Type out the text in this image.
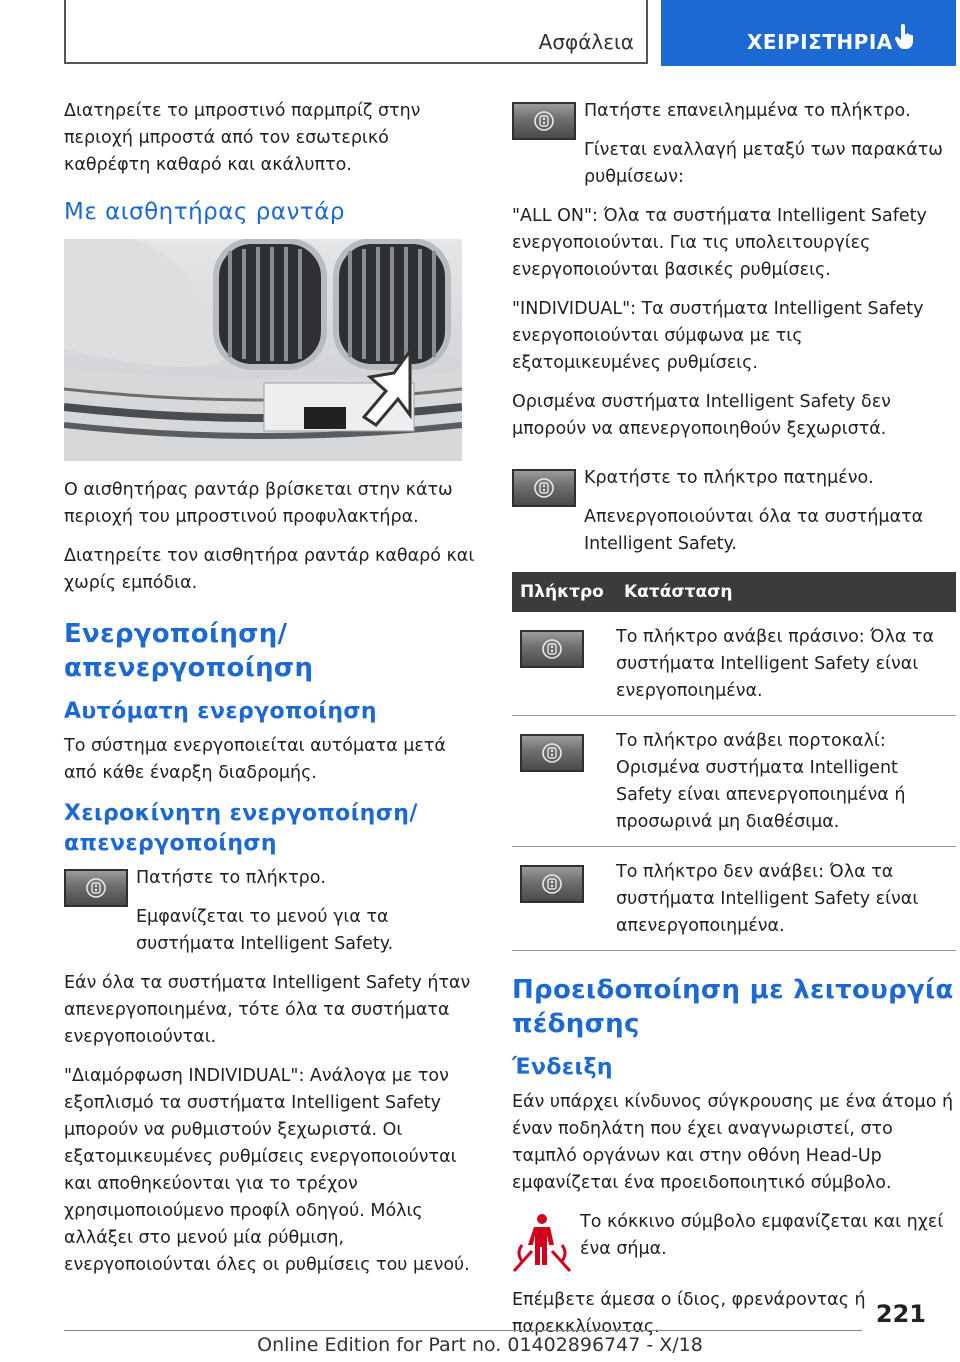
Ασφάλεια	ΧΕΙΡΙΣΤΗΡΙΑ

Διατηρείτε το μπροστινό παρμπρίζ στην περιοχή μπροστά από τον εσωτερικό καθρέφτη καθαρό και ακάλυπτο.

Με αισθητήρας ραντάρ

Ο αισθητήρας ραντάρ βρίσκεται στην κάτω περιοχή του μπροστινού προφυλακτήρα.

Διατηρείτε τον αισθητήρα ραντάρ καθαρό και χωρίς εμπόδια.

Ενεργοποίηση/απενεργοποίηση
Αυτόματη ενεργοποίηση

Το σύστημα ενεργοποιείται αυτόματα μετά από κάθε έναρξη διαδρομής.

Χειροκίνητη ενεργοποίηση/ απενεργοποίηση

Πατήστε το πλήκτρο.

Εμφανίζεται το μενού για τα συστήματα Intelligent Safety.

Εάν όλα τα συστήματα Intelligent Safety ήταν απενεργοποιημένα, τότε όλα τα συστήματα ενεργοποιούνται.

"Διαμόρφωση INDIVIDUAL": Ανάλογα με τον εξοπλισμό τα συστήματα Intelligent Safety μπορούν να ρυθμιστούν ξεχωριστά. Οι εξατομικευμένες ρυθμίσεις ενεργοποιούνται και αποθηκεύονται για το τρέχον χρησιμοποιούμενο προφίλ οδηγού. Μόλις αλλάξει στο μενού μία ρύθμιση, ενεργοποιούνται όλες οι ρυθμίσεις του μενού.

Πατήστε επανειλημμένα το πλήκτρο.

Γίνεται εναλλαγή μεταξύ των παρακάτω ρυθμίσεων:

"ALL ON": Όλα τα συστήματα Intelligent Safety ενεργοποιούνται. Για τις υπολειτουργίες ενεργοποιούνται βασικές ρυθμίσεις.

"INDIVIDUAL": Τα συστήματα Intelligent Safety ενεργοποιούνται σύμφωνα με τις εξατομικευμένες ρυθμίσεις.

Ορισμένα συστήματα Intelligent Safety δεν μπορούν να απενεργοποιηθούν ξεχωριστά.

Κρατήστε το πλήκτρο πατημένο.

Απενεργοποιούνται όλα τα συστήματα Intelligent Safety.

Πλήκτρο	Κατάσταση

Το πλήκτρο ανάβει πράσινο: Όλα τα συστήματα Intelligent Safety είναι ενεργοποιημένα.

Το πλήκτρο ανάβει πορτοκαλί: Ορισμένα συστήματα Intelligent Safety είναι απενεργοποιημένα ή προσωρινά μη διαθέσιμα.

Το πλήκτρο δεν ανάβει: Όλα τα συστήματα Intelligent Safety είναι απενεργοποιημένα.

Προειδοποίηση με λειτουργία πέδησης
Ένδειξη

Εάν υπάρχει κίνδυνος σύγκρουσης με ένα άτομο ή έναν ποδηλάτη που έχει αναγνωριστεί, στο ταμπλό οργάνων και στην οθόνη Head-Up εμφανίζεται ένα προειδοποιητικό σύμβολο.

Το κόκκινο σύμβολο εμφανίζεται και ηχεί ένα σήμα.

Επέμβετε άμεσα ο ίδιος, φρενάροντας ή παρεκκλίνοντας.	221
Online Edition for Part no. 01402896747 - X/18
